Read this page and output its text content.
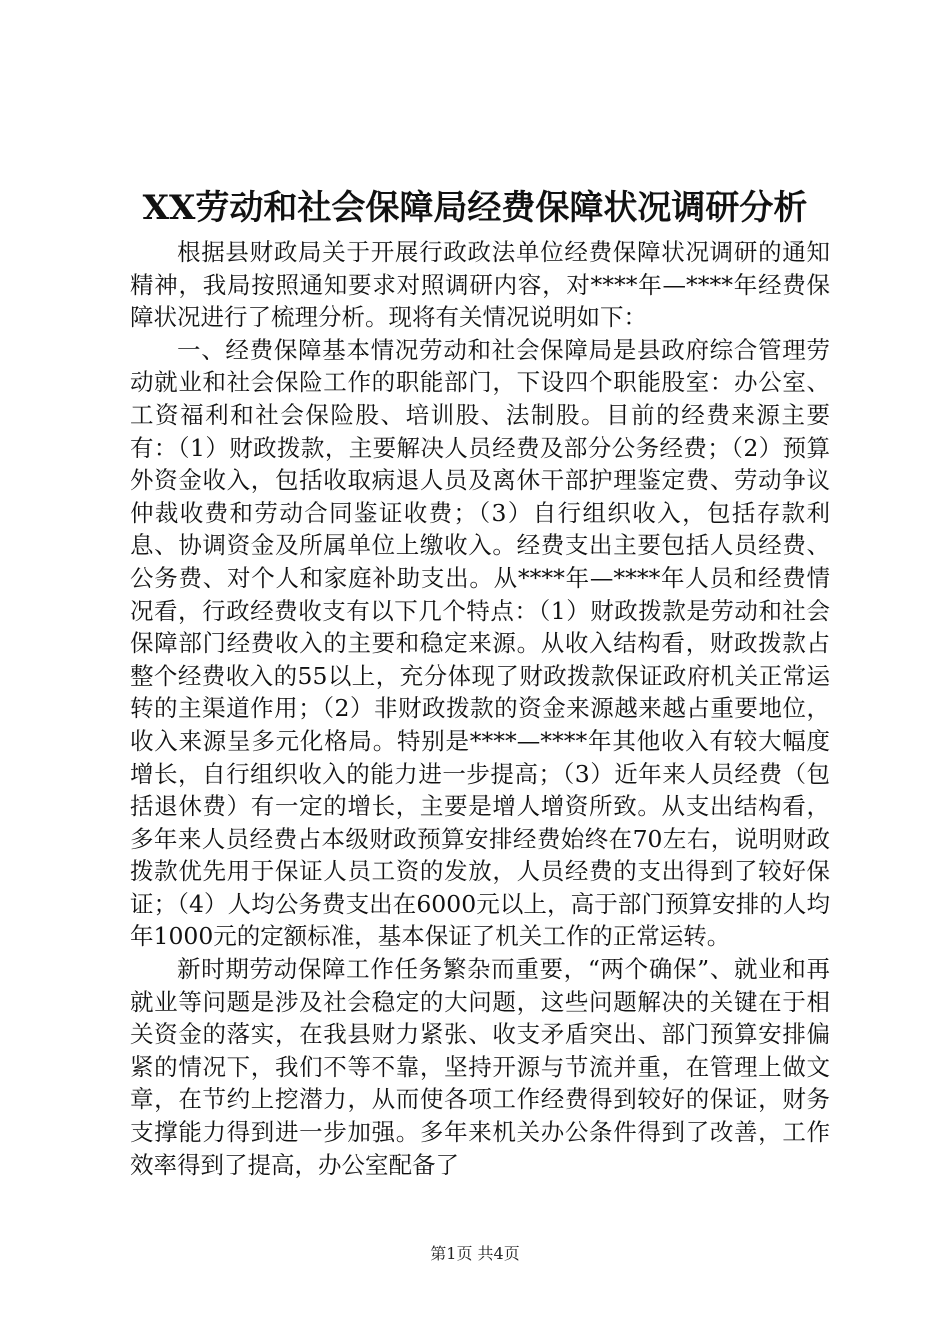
XX劳动和社会保障局经费保障状况调研分析

根据县财政局关于开展行政政法单位经费保障状况调研的通知精神，我局按照通知要求对照调研内容，对****年—****年经费保障状况进行了梳理分析。现将有关情况说明如下：

一、经费保障基本情况劳动和社会保障局是县政府综合管理劳动就业和社会保险工作的职能部门，下设四个职能股室：办公室、工资福利和社会保险股、培训股、法制股。目前的经费来源主要有：（1）财政拨款，主要解决人员经费及部分公务经费；（2）预算外资金收入，包括收取病退人员及离休干部护理鉴定费、劳动争议仲裁收费和劳动合同鉴证收费；（3）自行组织收入，包括存款利息、协调资金及所属单位上缴收入。经费支出主要包括人员经费、公务费、对个人和家庭补助支出。从****年—****年人员和经费情况看，行政经费收支有以下几个特点：（1）财政拨款是劳动和社会保障部门经费收入的主要和稳定来源。从收入结构看，财政拨款占整个经费收入的55以上，充分体现了财政拨款保证政府机关正常运转的主渠道作用；（2）非财政拨款的资金来源越来越占重要地位，收入来源呈多元化格局。特别是****—****年其他收入有较大幅度增长，自行组织收入的能力进一步提高；（3）近年来人员经费（包括退休费）有一定的增长，主要是增人增资所致。从支出结构看，多年来人员经费占本级财政预算安排经费始终在70左右，说明财政拨款优先用于保证人员工资的发放，人员经费的支出得到了较好保证；（4）人均公务费支出在6000元以上，高于部门预算安排的人均年1000元的定额标准，基本保证了机关工作的正常运转。

新时期劳动保障工作任务繁杂而重要，“两个确保”、就业和再就业等问题是涉及社会稳定的大问题，这些问题解决的关键在于相关资金的落实，在我县财力紧张、收支矛盾突出、部门预算安排偏紧的情况下，我们不等不靠，坚持开源与节流并重，在管理上做文章，在节约上挖潜力，从而使各项工作经费得到较好的保证，财务支撑能力得到进一步加强。多年来机关办公条件得到了改善，工作效率得到了提高，办公室配备了

第1页 共4页
